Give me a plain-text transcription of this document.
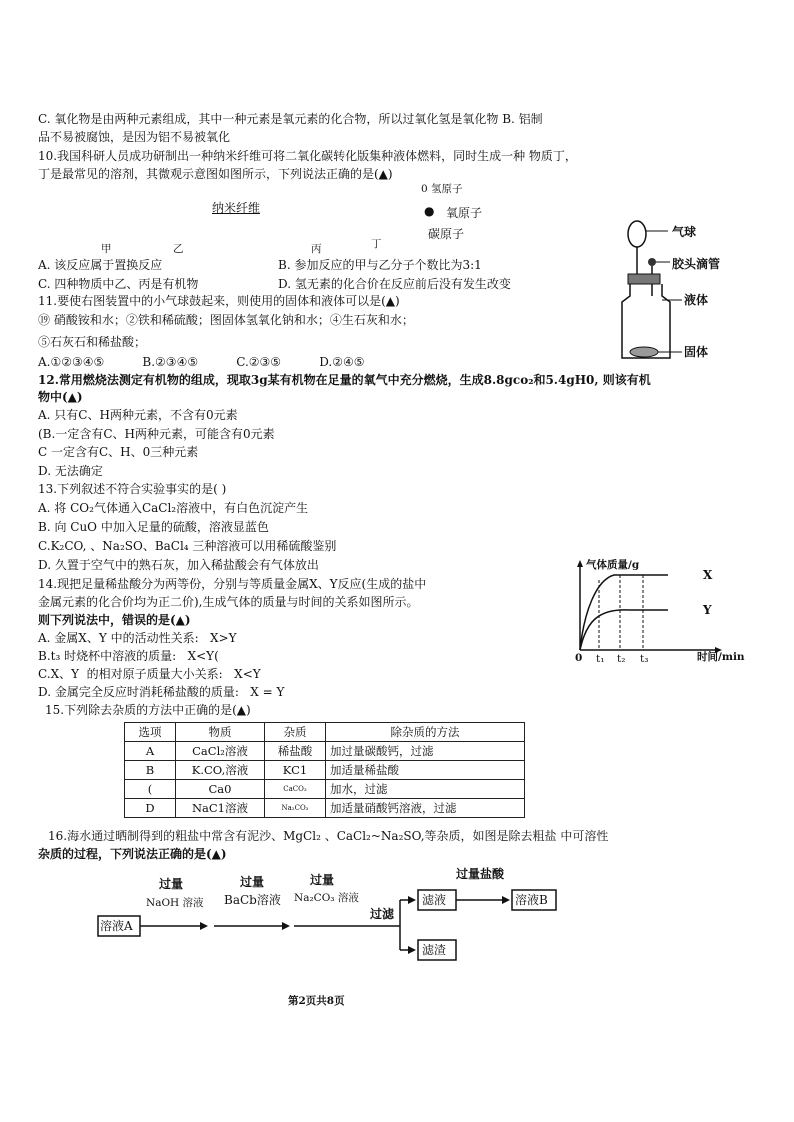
C. 氧化物是由两种元素组成，其中一种元素是氧元素的化合物，所以过氧化氢是氧化物 B. 铝制
品不易被腐蚀，是因为铝不易被氧化
10.我国科研人员成功研制出一种纳米纤维可将二氧化碳转化版集种液体燃料，同时生成一种 物质丁，
丁是最常见的溶剂，其微观示意图如图所示，下列说法正确的是(▲)
0 氢原子
● 氧原子
碳原子
纳米纤维
甲	乙	丙	丁
A. 该反应属于置换反应	B. 参加反应的甲与乙分子个数比为3:1
C. 四种物质中乙、丙是有机物	D. 氢无素的化合价在反应前后没有发生改变
11.要使右图装置中的小气球鼓起来，则使用的固体和液体可以是(▲)
⑲ 硝酸铵和水；②铁和稀硫酸；图固体氢氧化钠和水；④生石灰和水；
⑤石灰石和稀盐酸；
A.①②③④⑤          B.②③④⑤          C.②③⑤          D.②④⑤
12.常用燃烧法测定有机物的组成，现取3g某有机物在足量的氧气中充分燃烧，生成8.8gco₂和5.4gH0, 则该有机
物中(▲)
A. 只有C、H两种元素，不含有0元素
(B.一定含有C、H两种元素，可能含有0元素
C 一定含有C、H、0三种元素
D. 无法确定
13.下列叙述不符合实验事实的是( )
A. 将 CO₂气体通入CaCl₂溶液中，有白色沉淀产生
B. 向 CuO 中加入足量的硫酸，溶液显蓝色
C.K₂CO, 、Na₂SO、BaCl₄ 三种溶液可以用稀硫酸鉴别
D. 久置于空气中的熟石灰，加入稀盐酸会有气体放出
14.现把足量稀盐酸分为两等份，分别与等质量金属X、Y反应(生成的盐中
金属元素的化合价均为正二价),生成气体的质量与时间的关系如图所示。
则下列说法中，错误的是(▲)
A. 金属X、Y 中的活动性关系:   X>Y
B.t₃ 时烧杯中溶液的质量:   X<Y(
C.X、Y  的相对原子质量大小关系:   X<Y
D. 金属完全反应时消耗稀盐酸的质量:   X = Y
15.下列除去杂质的方法中正确的是(▲)
选项	物质	杂质	除杂质的方法
A	CaCl₂溶液	稀盐酸	加过量碳酸钙，过滤
B	K.CO,溶液	KC1	加适量稀盐酸
(	Ca0	CaCO₃	加水，过滤
D	NaC1溶液	Na₂CO₃	加适量硝酸钙溶液，过滤
16.海水通过晒制得到的粗盐中常含有泥沙、MgCl₂ 、CaCl₂~Na₂SO,等杂质，如图是除去粗盐 中可溶性
杂质的过程，下列说法正确的是(▲)
气球
胶头滴管
液体
固体
气体质量/g
时间/min
0 t₁ t₂ t₃
X
Y
过量
NaOH 溶液
过量
BaCb溶液
过量
Na₂CO₃ 溶液
过滤
溶液A
滤液
滤渣
过量盐酸
溶液B
第2页共8页
